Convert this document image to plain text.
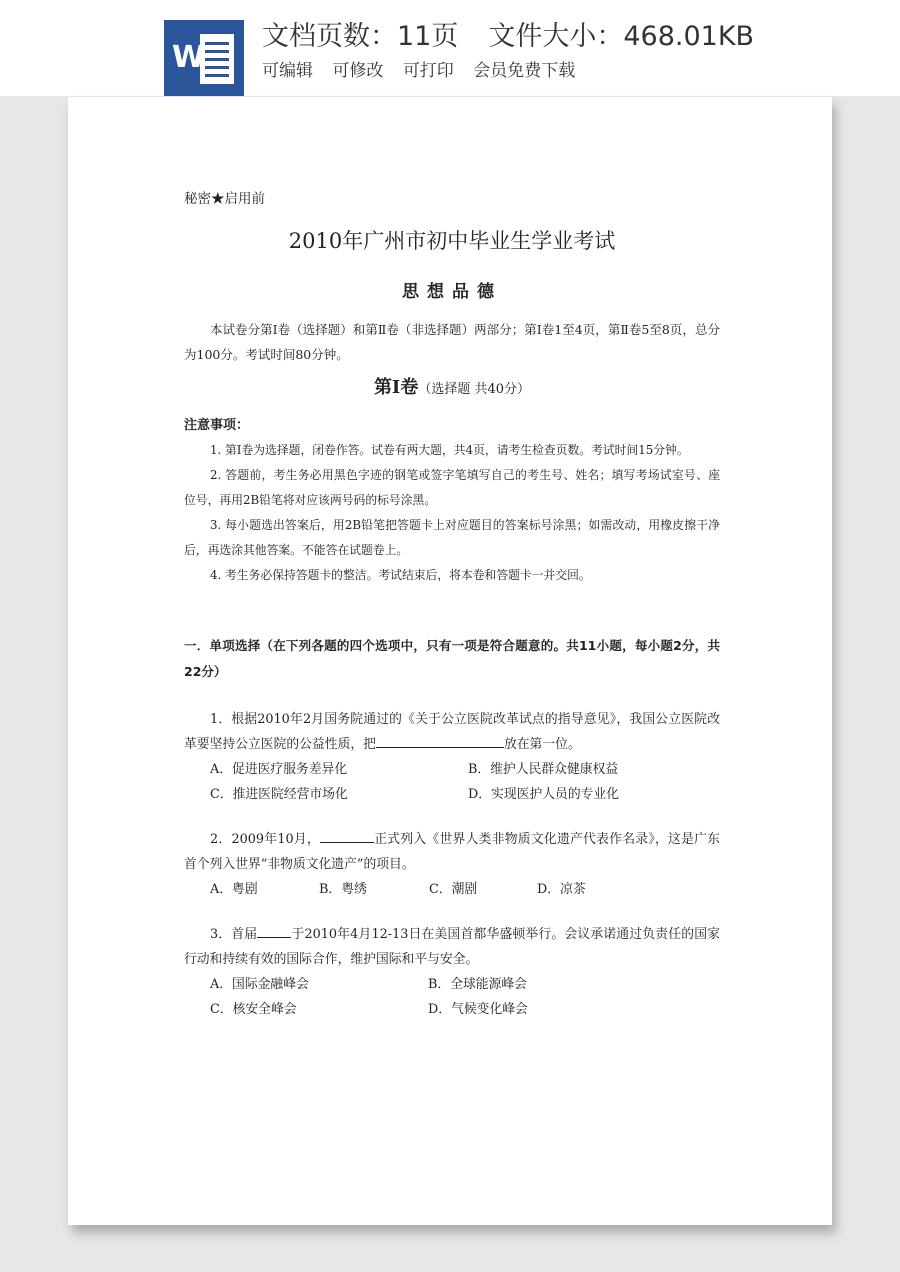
W
文档页数：11页 文件大小：468.01KB
可编辑 可修改 可打印 会员免费下载
秘密★启用前
2010年广州市初中毕业生学业考试
思想品德
本试卷分第Ⅰ卷（选择题）和第Ⅱ卷（非选择题）两部分；第Ⅰ卷1至4页，第Ⅱ卷5至8页，总分为100分。考试时间80分钟。
第Ⅰ卷（选择题 共40分）
注意事项：
1. 第Ⅰ卷为选择题，闭卷作答。试卷有两大题，共4页，请考生检查页数。考试时间15分钟。
2. 答题前，考生务必用黑色字迹的钢笔或签字笔填写自己的考生号、姓名；填写考场试室号、座位号，再用2B铅笔将对应该两号码的标号涂黑。
3. 每小题选出答案后，用2B铅笔把答题卡上对应题目的答案标号涂黑；如需改动，用橡皮擦干净后，再选涂其他答案。不能答在试题卷上。
4. 考生务必保持答题卡的整洁。考试结束后，将本卷和答题卡一并交回。
一．单项选择（在下列各题的四个选项中，只有一项是符合题意的。共11小题，每小题2分，共22分）
1．根据2010年2月国务院通过的《关于公立医院改革试点的指导意见》，我国公立医院改革要坚持公立医院的公益性质，把	放在第一位。
A．促进医疗服务差异化	B．维护人民群众健康权益
C．推进医院经营市场化	D．实现医护人员的专业化
2．2009年10月，	正式列入《世界人类非物质文化遗产代表作名录》，这是广东首个列入世界“非物质文化遗产”的项目。
A．粤剧	B．粤绣	C．潮剧	D．凉茶
3．首届	于2010年4月12-13日在美国首都华盛顿举行。会议承诺通过负责任的国家行动和持续有效的国际合作，维护国际和平与安全。
A．国际金融峰会	B．全球能源峰会
C．核安全峰会	D．气候变化峰会
